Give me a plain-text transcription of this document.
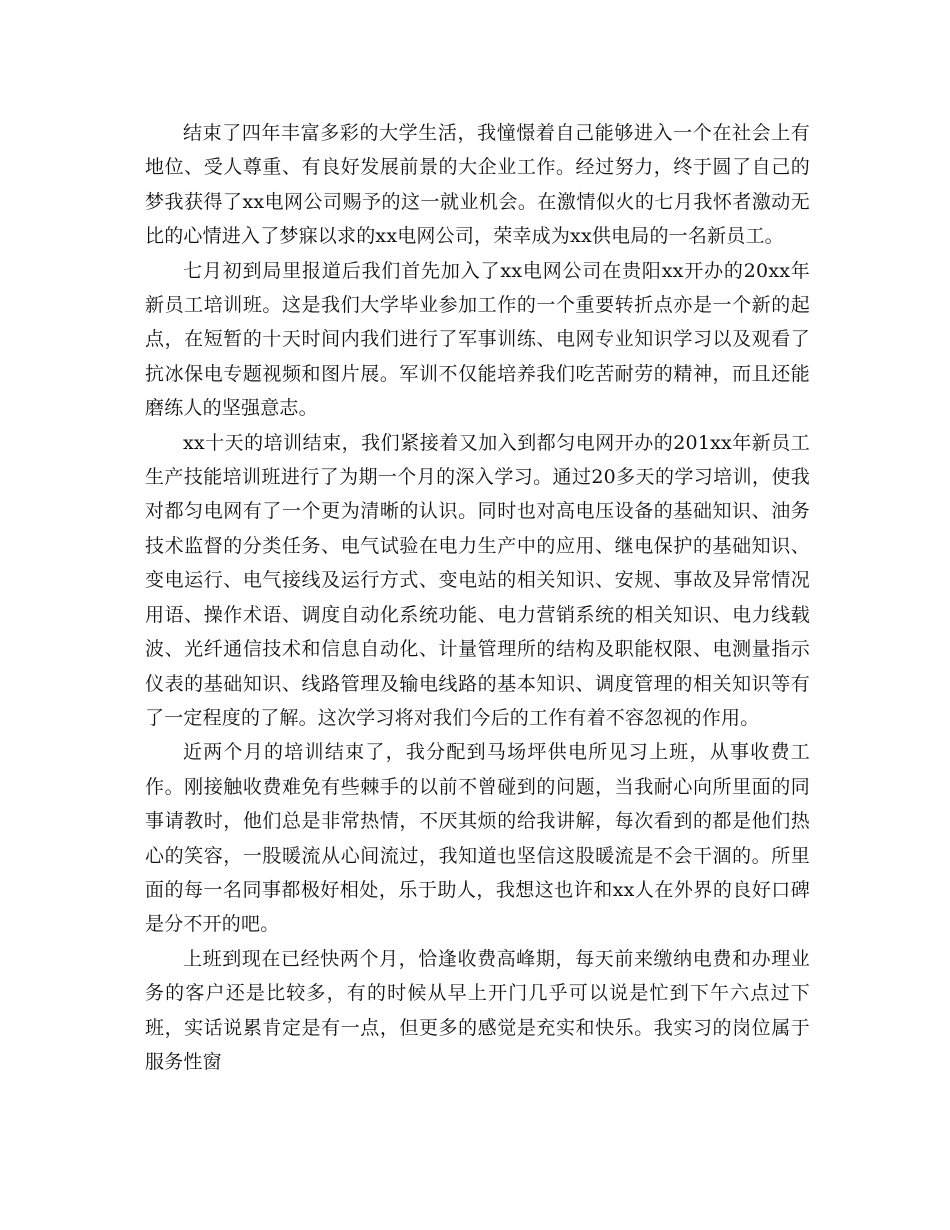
结束了四年丰富多彩的大学生活，我憧憬着自己能够进入一个在社会上有地位、受人尊重、有良好发展前景的大企业工作。经过努力，终于圆了自己的梦我获得了xx电网公司赐予的这一就业机会。在激情似火的七月我怀者激动无比的心情进入了梦寐以求的xx电网公司，荣幸成为xx供电局的一名新员工。

七月初到局里报道后我们首先加入了xx电网公司在贵阳xx开办的20xx年新员工培训班。这是我们大学毕业参加工作的一个重要转折点亦是一个新的起点，在短暂的十天时间内我们进行了军事训练、电网专业知识学习以及观看了抗冰保电专题视频和图片展。军训不仅能培养我们吃苦耐劳的精神，而且还能磨练人的坚强意志。

xx十天的培训结束，我们紧接着又加入到都匀电网开办的201xx年新员工生产技能培训班进行了为期一个月的深入学习。通过20多天的学习培训，使我对都匀电网有了一个更为清晰的认识。同时也对高电压设备的基础知识、油务技术监督的分类任务、电气试验在电力生产中的应用、继电保护的基础知识、变电运行、电气接线及运行方式、变电站的相关知识、安规、事故及异常情况用语、操作术语、调度自动化系统功能、电力营销系统的相关知识、电力线载波、光纤通信技术和信息自动化、计量管理所的结构及职能权限、电测量指示仪表的基础知识、线路管理及输电线路的基本知识、调度管理的相关知识等有了一定程度的了解。这次学习将对我们今后的工作有着不容忽视的作用。

近两个月的培训结束了，我分配到马场坪供电所见习上班，从事收费工作。刚接触收费难免有些棘手的以前不曾碰到的问题，当我耐心向所里面的同事请教时，他们总是非常热情，不厌其烦的给我讲解，每次看到的都是他们热心的笑容，一股暖流从心间流过，我知道也坚信这股暖流是不会干涸的。所里面的每一名同事都极好相处，乐于助人，我想这也许和xx人在外界的良好口碑是分不开的吧。

上班到现在已经快两个月，恰逢收费高峰期，每天前来缴纳电费和办理业务的客户还是比较多，有的时候从早上开门几乎可以说是忙到下午六点过下班，实话说累肯定是有一点，但更多的感觉是充实和快乐。我实习的岗位属于服务性窗
